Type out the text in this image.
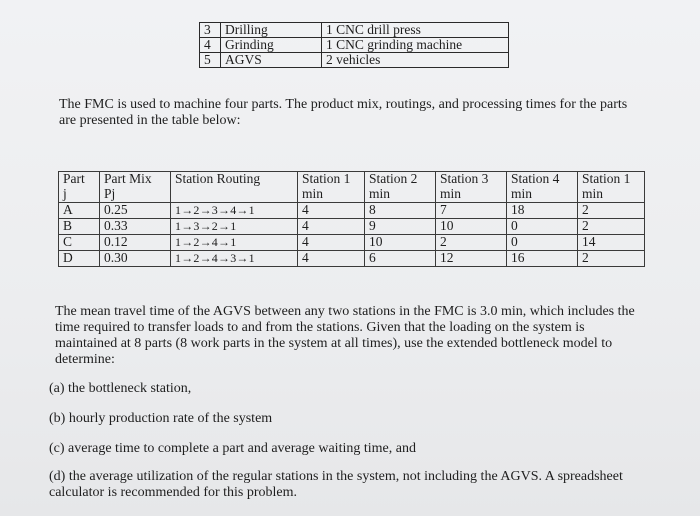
3	Drilling	1 CNC drill press
4	Grinding	1 CNC grinding machine
5	AGVS	2 vehicles
The FMC is used to machine four parts. The product mix, routings, and processing times for the parts are presented in the table below:
Part	Part Mix	Station Routing	Station 1	Station 2	Station 3	Station 4	Station 1
j	Pj		min	min	min	min	min
A	0.25	1→2→3→4→1	4	8	7	18	2
B	0.33	1→3→2→1	4	9	10	0	2
C	0.12	1→2→4→1	4	10	2	0	14
D	0.30	1→2→4→3→1	4	6	12	16	2
The mean travel time of the AGVS between any two stations in the FMC is 3.0 min, which includes the time required to transfer loads to and from the stations. Given that the loading on the system is maintained at 8 parts (8 work parts in the system at all times), use the extended bottleneck model to determine:
(a) the bottleneck station,
(b) hourly production rate of the system
(c) average time to complete a part and average waiting time, and
(d) the average utilization of the regular stations in the system, not including the AGVS. A spreadsheet calculator is recommended for this problem.
